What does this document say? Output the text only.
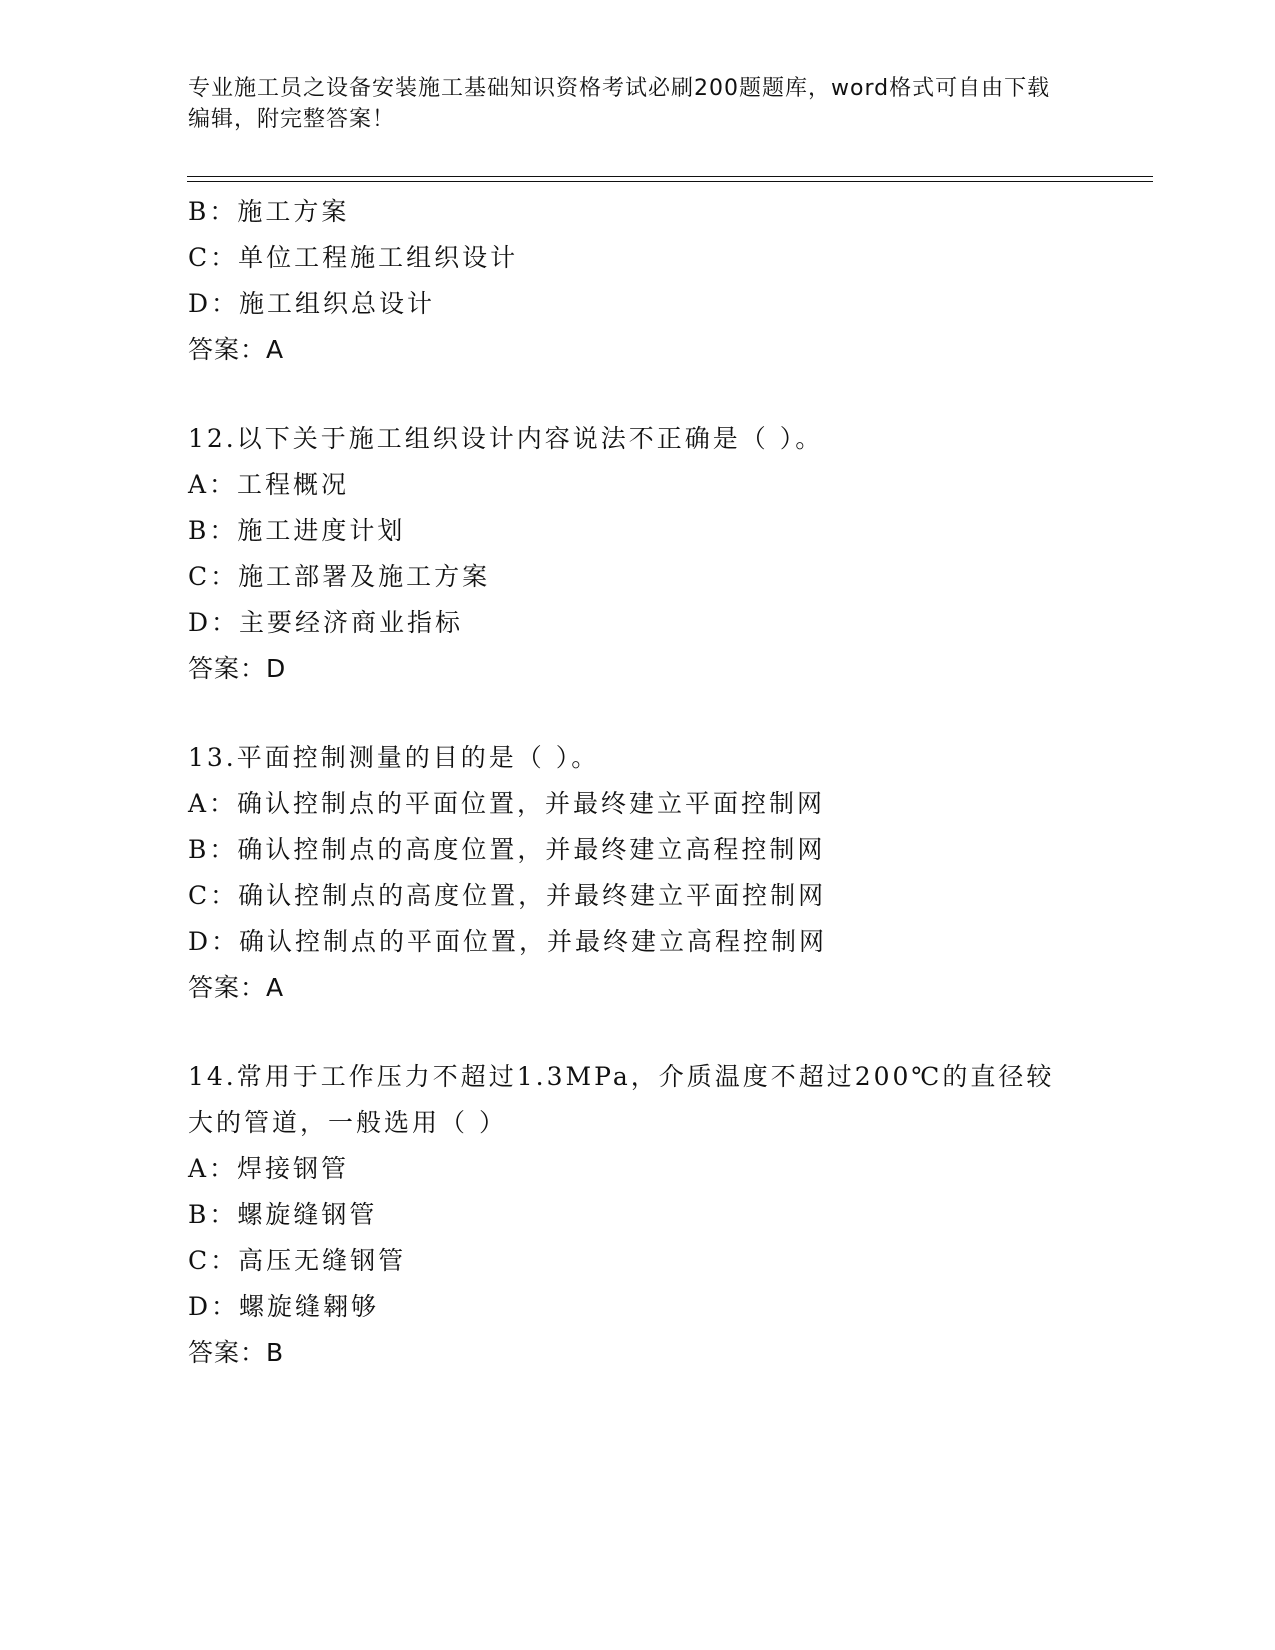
专业施工员之设备安装施工基础知识资格考试必刷200题题库，word格式可自由下载编辑，附完整答案！
B：施工方案
C：单位工程施工组织设计
D：施工组织总设计
答案：A
12.以下关于施工组织设计内容说法不正确是（ ）。
A：工程概况
B：施工进度计划
C：施工部署及施工方案
D：主要经济商业指标
答案：D
13.平面控制测量的目的是（ ）。
A：确认控制点的平面位置，并最终建立平面控制网
B：确认控制点的高度位置，并最终建立高程控制网
C：确认控制点的高度位置，并最终建立平面控制网
D：确认控制点的平面位置，并最终建立高程控制网
答案：A
14.常用于工作压力不超过1.3MPa，介质温度不超过200℃的直径较大的管道，一般选用（ ）
A：焊接钢管
B：螺旋缝钢管
C：高压无缝钢管
D：螺旋缝翱够
答案：B
